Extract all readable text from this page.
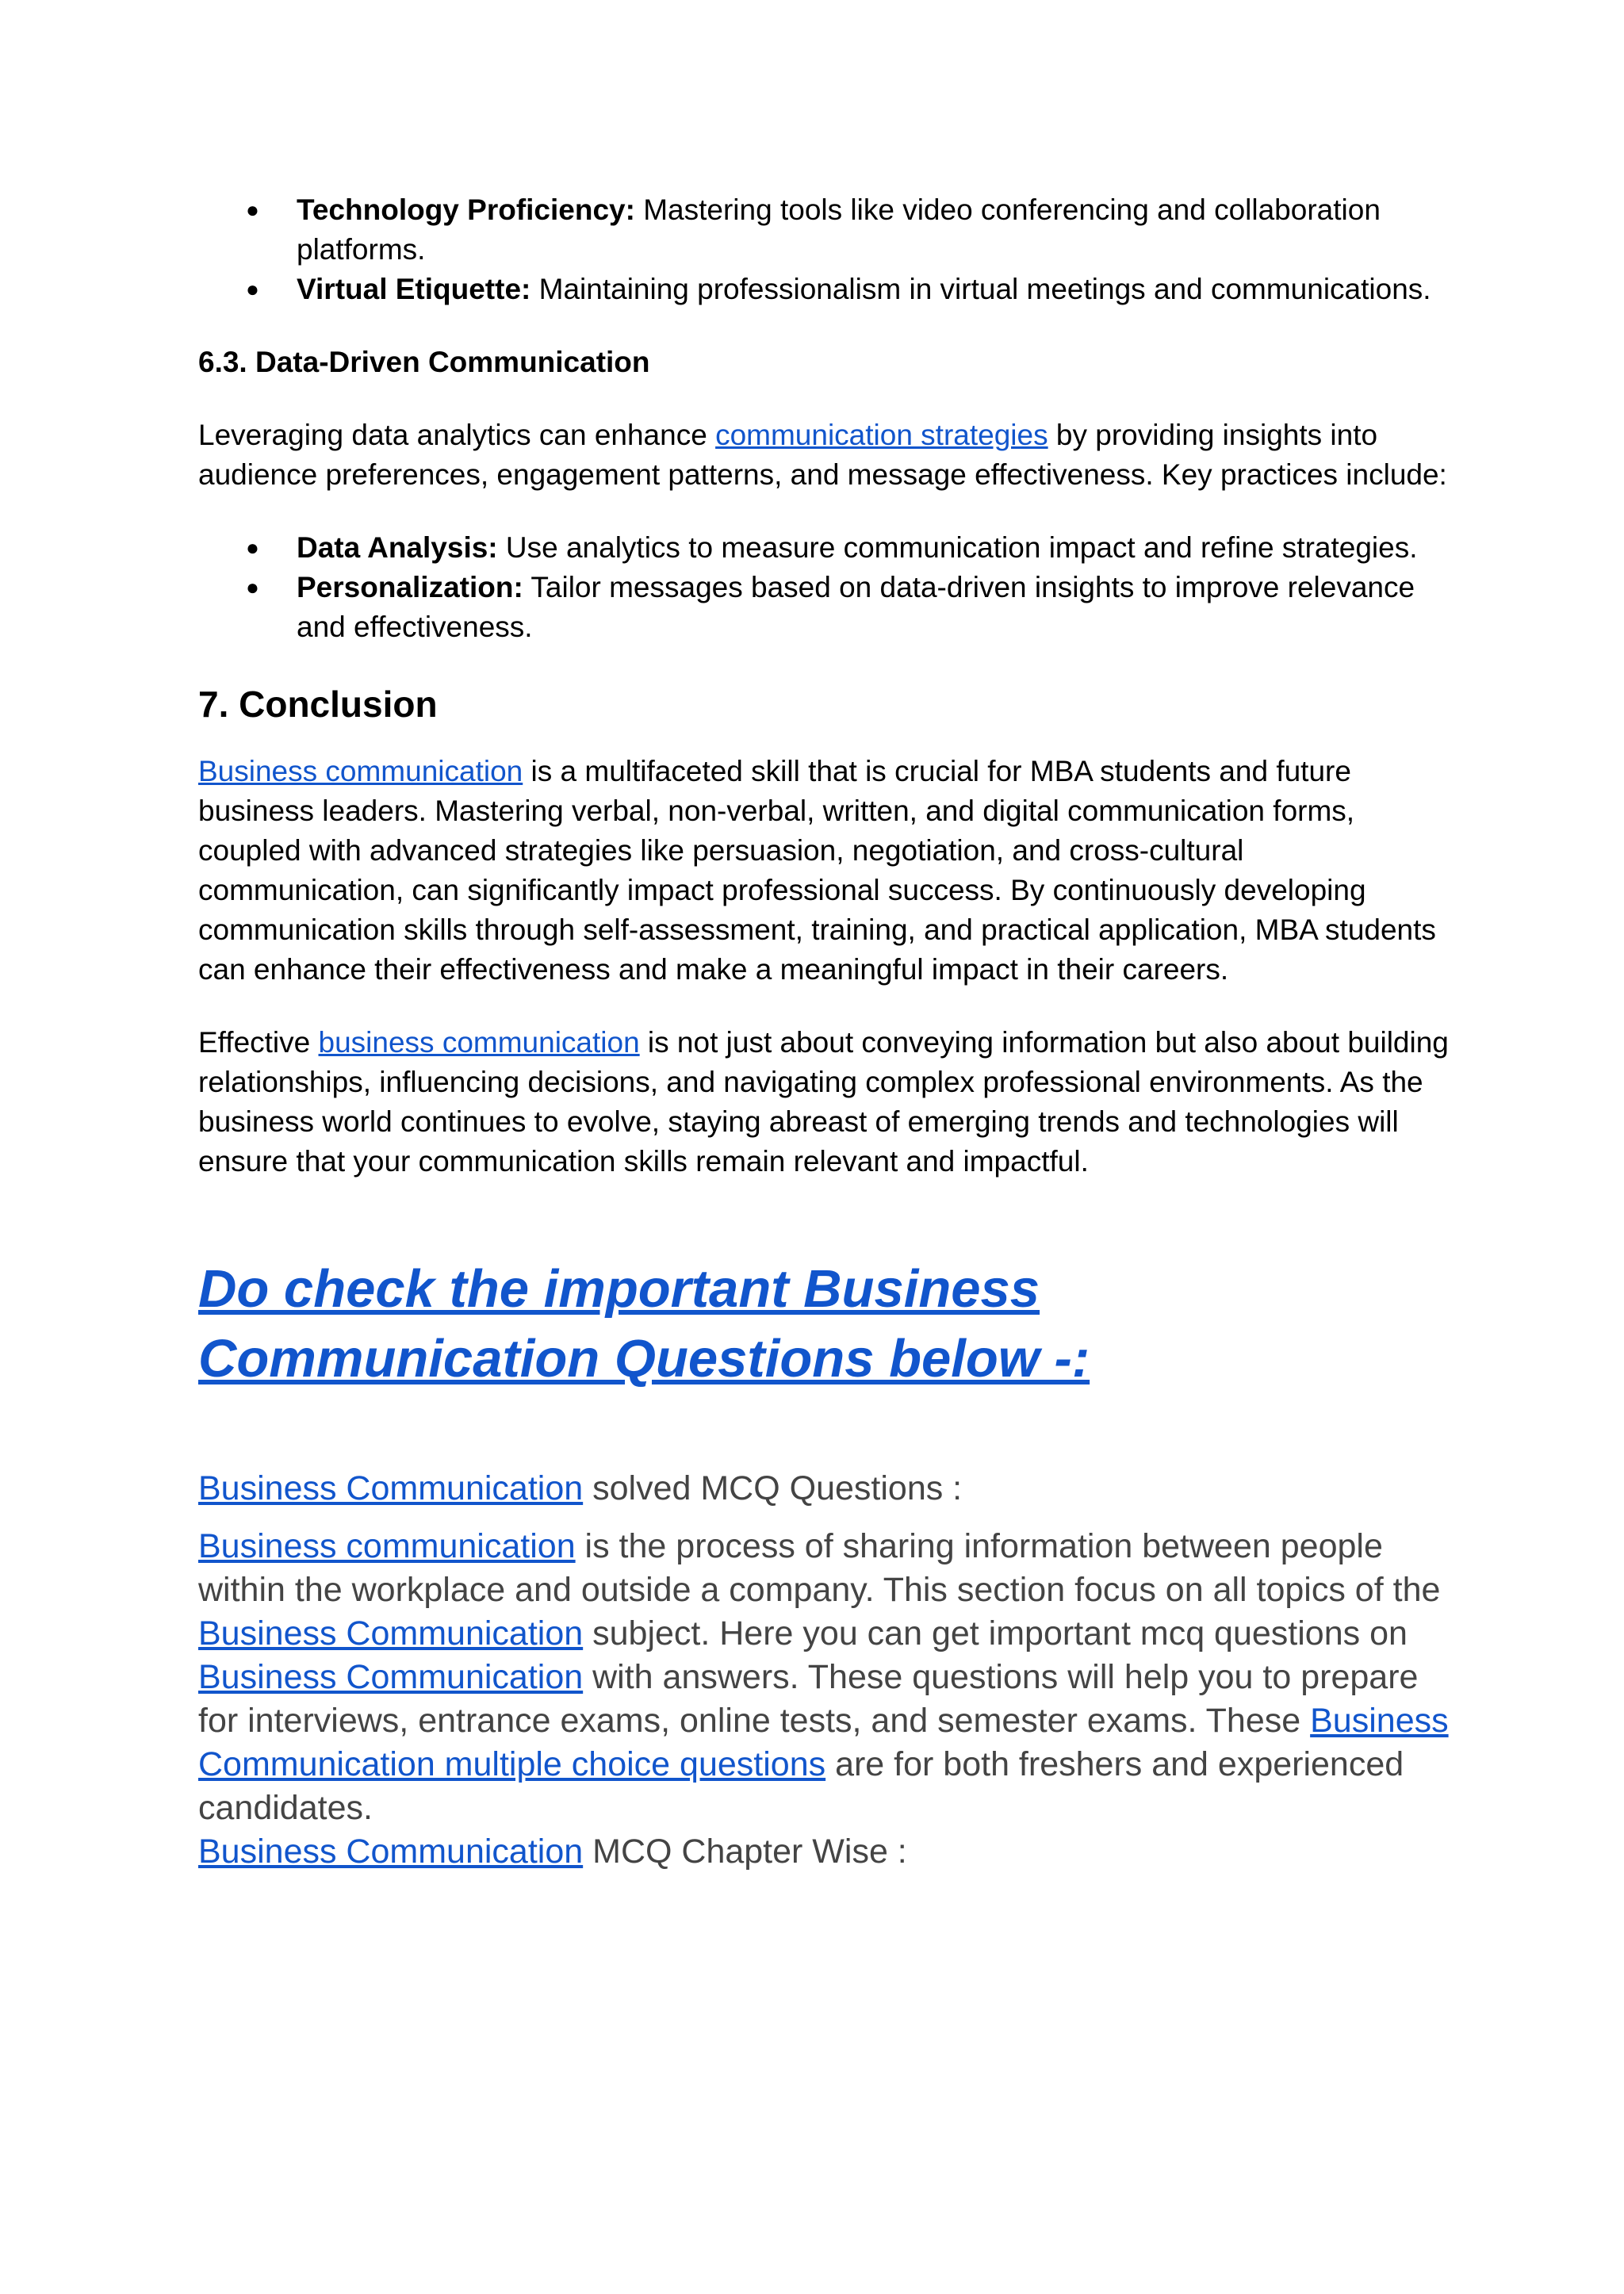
● Technology Proficiency: Mastering tools like video conferencing and collaboration platforms.
● Virtual Etiquette: Maintaining professionalism in virtual meetings and communications.
6.3. Data-Driven Communication

Leveraging data analytics can enhance communication strategies by providing insights into audience preferences, engagement patterns, and message effectiveness. Key practices include:

● Data Analysis: Use analytics to measure communication impact and refine strategies.
● Personalization: Tailor messages based on data-driven insights to improve relevance and effectiveness.
7. Conclusion

Business communication is a multifaceted skill that is crucial for MBA students and future business leaders. Mastering verbal, non-verbal, written, and digital communication forms, coupled with advanced strategies like persuasion, negotiation, and cross-cultural communication, can significantly impact professional success. By continuously developing communication skills through self-assessment, training, and practical application, MBA students can enhance their effectiveness and make a meaningful impact in their careers.

Effective business communication is not just about conveying information but also about building relationships, influencing decisions, and navigating complex professional environments. As the business world continues to evolve, staying abreast of emerging trends and technologies will ensure that your communication skills remain relevant and impactful.

Do check the important Business Communication Questions below -:

Business Communication solved MCQ Questions :

Business communication is the process of sharing information between people within the workplace and outside a company. This section focus on all topics of the Business Communication subject. Here you can get important mcq questions on Business Communication with answers. These questions will help you to prepare for interviews, entrance exams, online tests, and semester exams. These Business Communication multiple choice questions are for both freshers and experienced candidates.

Business Communication MCQ Chapter Wise :
